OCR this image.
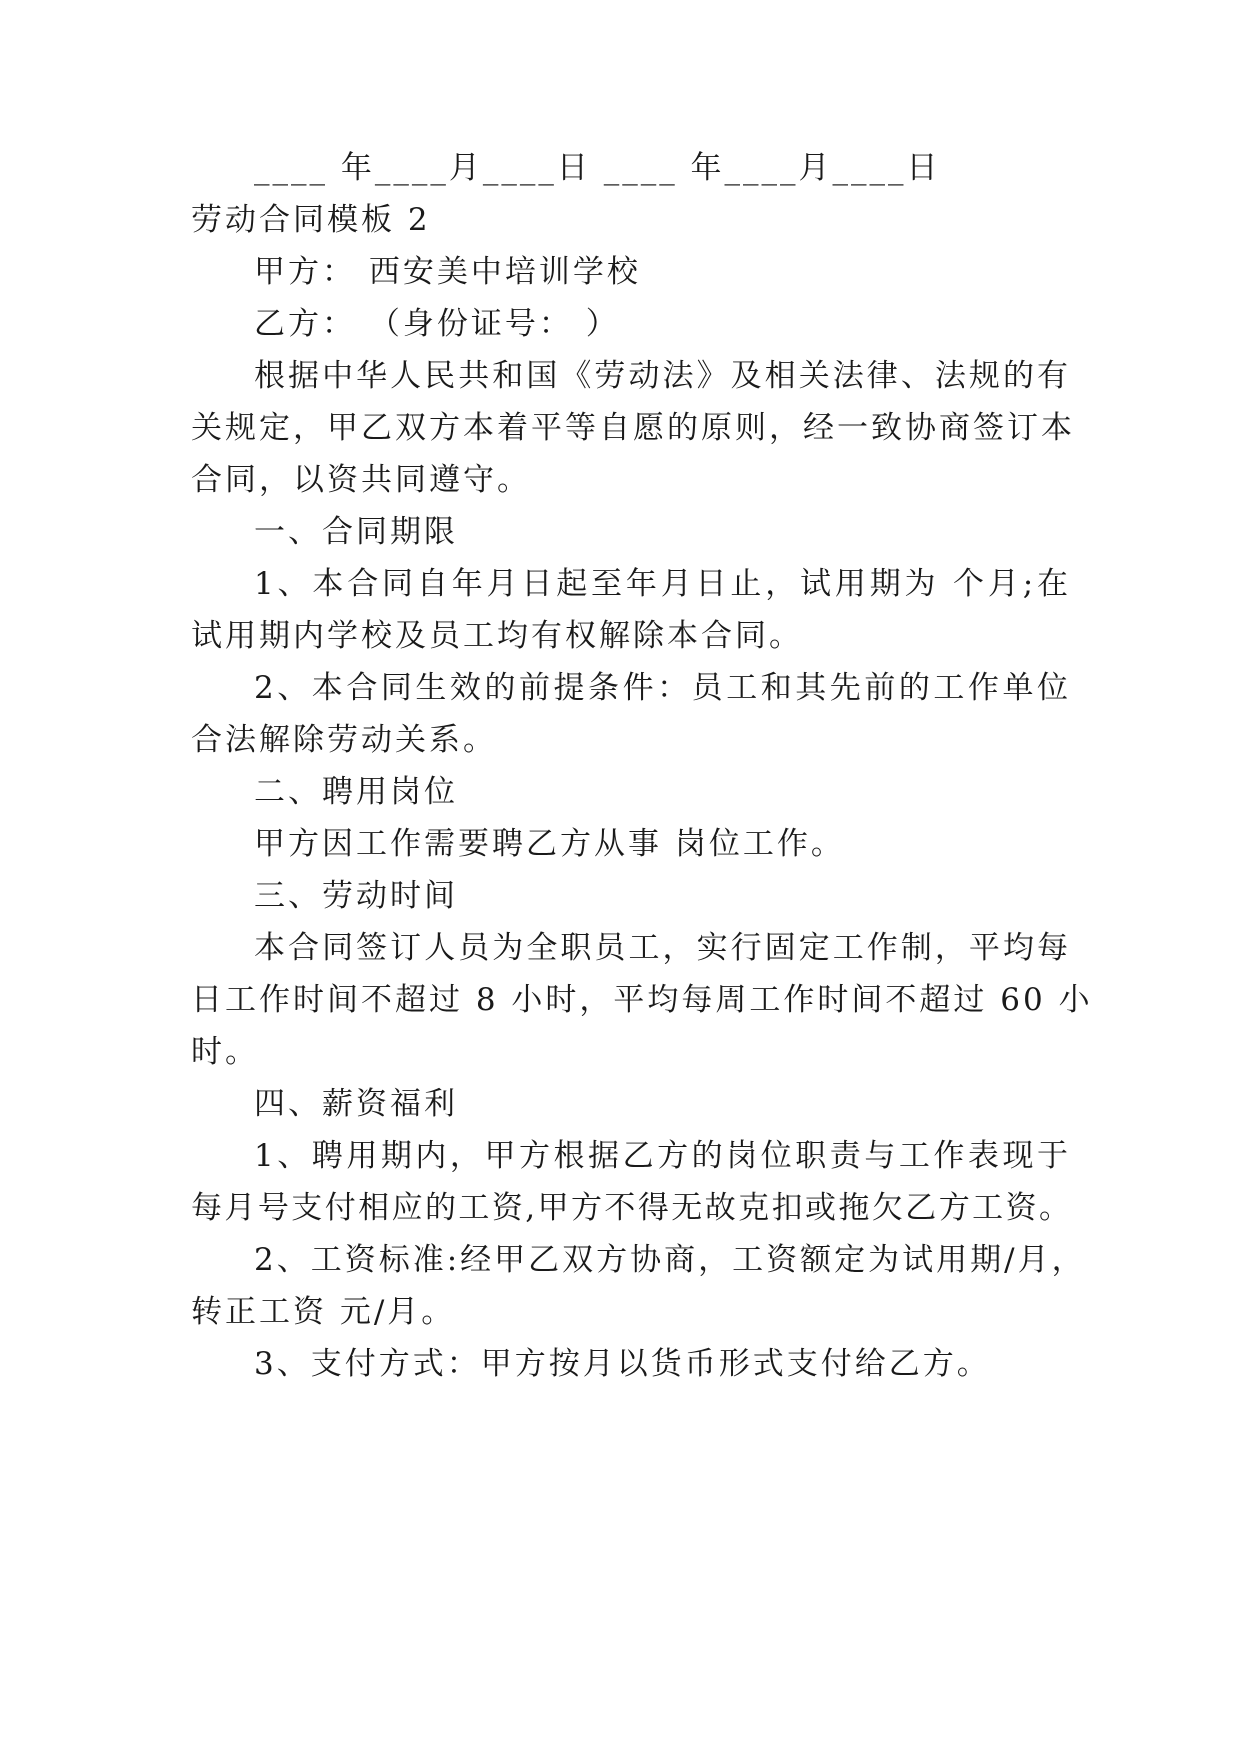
____ 年____月____日 ____ 年____月____日
劳动合同模板 2
甲方： 西安美中培训学校
乙方： （身份证号： ）
根据中华人民共和国《劳动法》及相关法律、法规的有
关规定，甲乙双方本着平等自愿的原则，经一致协商签订本
合同，以资共同遵守。
一、合同期限
1、本合同自年月日起至年月日止，试用期为 个月;在
试用期内学校及员工均有权解除本合同。
2、本合同生效的前提条件：员工和其先前的工作单位
合法解除劳动关系。
二、聘用岗位
甲方因工作需要聘乙方从事 岗位工作。
三、劳动时间
本合同签订人员为全职员工，实行固定工作制，平均每
日工作时间不超过 8 小时，平均每周工作时间不超过 60 小
时。
四、薪资福利
1、聘用期内，甲方根据乙方的岗位职责与工作表现于
每月号支付相应的工资,甲方不得无故克扣或拖欠乙方工资。
2、工资标准:经甲乙双方协商，工资额定为试用期/月，
转正工资 元/月。
3、支付方式：甲方按月以货币形式支付给乙方。
